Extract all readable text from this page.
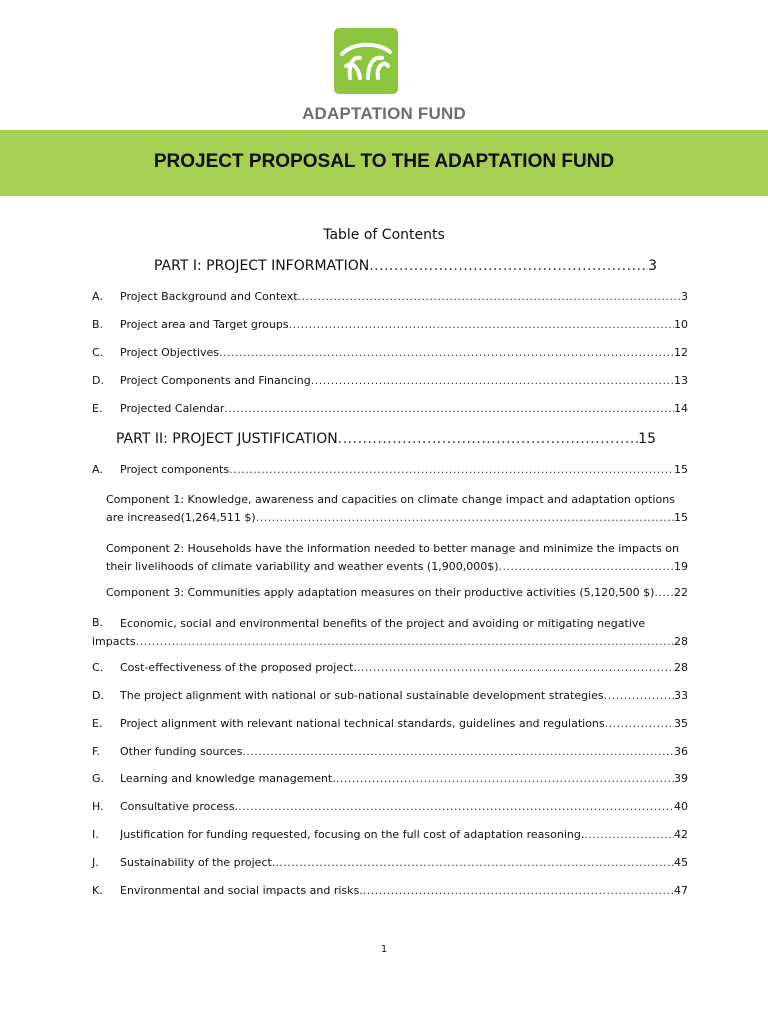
ADAPTATION FUND
PROJECT PROPOSAL TO THE ADAPTATION FUND
Table of Contents
PART I: PROJECT INFORMATION .....	3
A. Project Background and Context .....	3
B. Project area and Target groups .....	10
C. Project Objectives .....	12
D. Project Components and Financing .....	13
E. Projected Calendar .....	14
PART II: PROJECT JUSTIFICATION .....	15
A. Project components .....	15
Component 1: Knowledge, awareness and capacities on climate change impact and adaptation options
are increased(1,264,511 $) .....	15
Component 2: Households have the information needed to better manage and minimize the impacts on
their livelihoods of climate variability and weather events (1,900,000$) .....	19
Component 3: Communities apply adaptation measures on their productive activities (5,120,500 $) ..... 22
B. Economic, social and environmental benefits of the project and avoiding or mitigating negative
impacts .....	28
C. Cost-effectiveness of the proposed project. .....	28
D. The project alignment with national or sub-national sustainable development strategies .....	33
E. Project alignment with relevant national technical standards, guidelines and regulations .....	35
F. Other funding sources .....	36
G. Learning and knowledge management. .....	39
H. Consultative process. .....	40
I. Justification for funding requested, focusing on the full cost of adaptation reasoning. .....	42
J. Sustainability of the project. .....	45
K. Environmental and social impacts and risks. .....	47
1
